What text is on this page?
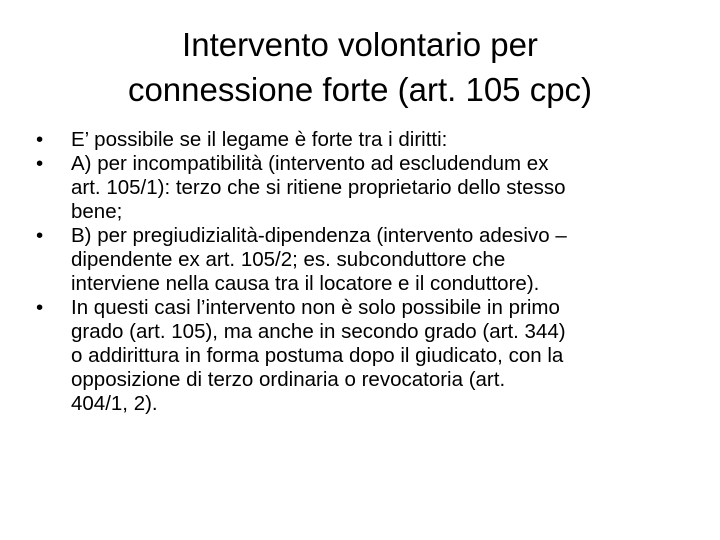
Intervento volontario per
connessione forte (art. 105 cpc)
•	E’ possibile se il legame è forte tra i diritti:
•	A) per incompatibilità (intervento ad escludendum ex
art. 105/1): terzo che si ritiene proprietario dello stesso
bene;
•	B) per pregiudizialità-dipendenza (intervento adesivo –
dipendente ex art. 105/2; es. subconduttore che
interviene nella causa tra il locatore e il conduttore).
•	In questi casi l’intervento non è solo possibile in primo
grado (art. 105), ma anche in secondo grado (art. 344)
o addirittura in forma postuma dopo il giudicato, con la
opposizione di terzo ordinaria o revocatoria (art.
404/1, 2).
